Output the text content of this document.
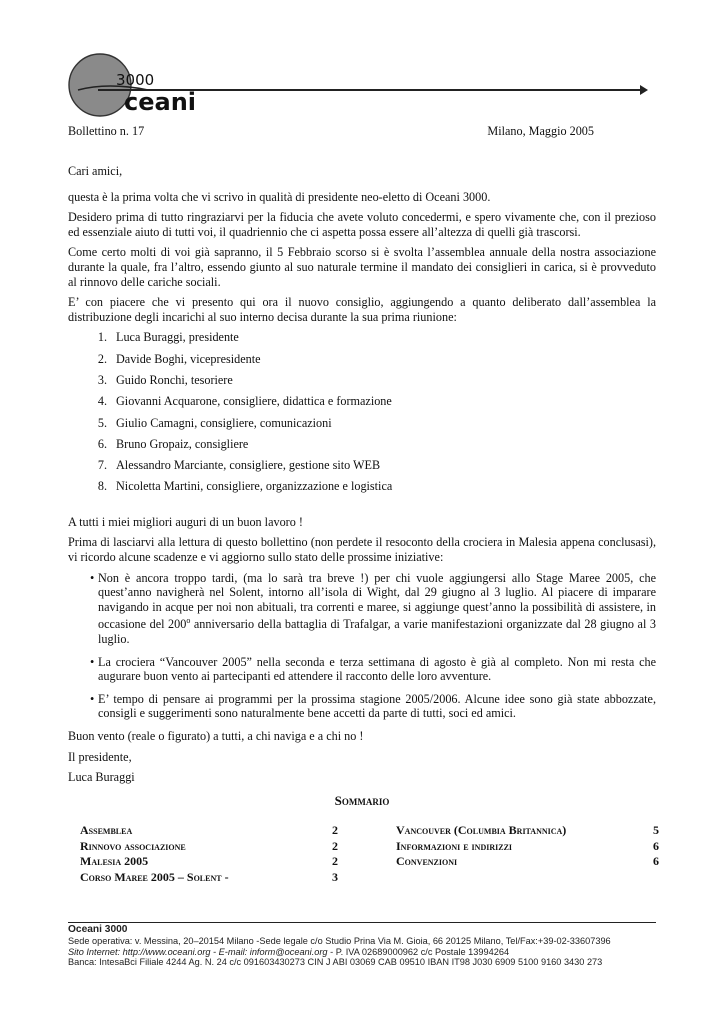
3000
ceani
Bollettino n. 17	Milano, Maggio 2005

Cari amici,

questa è la prima volta che vi scrivo in qualità di presidente neo-eletto di Oceani 3000.

Desidero prima di tutto ringraziarvi per la fiducia che avete voluto concedermi, e spero vivamente che, con il prezioso ed essenziale aiuto di tutti voi, il quadriennio che ci aspetta possa essere all’altezza di quelli già trascorsi.

Come certo molti di voi già sapranno, il 5 Febbraio scorso si è svolta l’assemblea annuale della nostra associazione durante la quale, fra l’altro, essendo giunto al suo naturale termine il mandato dei consiglieri in carica, si è provveduto al rinnovo delle cariche sociali.

E’ con piacere che vi presento qui ora il nuovo consiglio, aggiungendo a quanto deliberato dall’assemblea la distribuzione degli incarichi al suo interno decisa durante la sua prima riunione:

1. Luca Buraggi, presidente
2. Davide Boghi, vicepresidente
3. Guido Ronchi, tesoriere
4. Giovanni Acquarone, consigliere, didattica e formazione
5. Giulio Camagni, consigliere, comunicazioni
6. Bruno Gropaiz, consigliere
7. Alessandro Marciante, consigliere, gestione sito WEB
8. Nicoletta Martini, consigliere, organizzazione e logistica

A tutti i miei migliori auguri di un buon lavoro !

Prima di lasciarvi alla lettura di questo bollettino (non perdete il resoconto della crociera in Malesia appena conclusasi), vi ricordo alcune scadenze e vi aggiorno sullo stato delle prossime iniziative:

• Non è ancora troppo tardi, (ma lo sarà tra breve !) per chi vuole aggiungersi allo Stage Maree 2005, che quest’anno navigherà nel Solent, intorno all’isola di Wight, dal 29 giugno al 3 luglio. Al piacere di imparare navigando in acque per noi non abituali, tra correnti e maree, si aggiunge quest’anno la possibilità di assistere, in occasione del 200$^o$ anniversario della battaglia di Trafalgar, a varie manifestazioni organizzate dal 28 giugno al 3 luglio.
• La crociera “Vancouver 2005” nella seconda e terza settimana di agosto è già al completo. Non mi resta che augurare buon vento ai partecipanti ed attendere il racconto delle loro avventure.
• E’ tempo di pensare ai programmi per la prossima stagione 2005/2006. Alcune idee sono già state abbozzate, consigli e suggerimenti sono naturalmente bene accetti da parte di tutti, soci ed amici.

Buon vento (reale o figurato) a tutti, a chi naviga e a chi no !

Il presidente,

Luca Buraggi

Sommario
Assemblea
Rinnovo associazione
Malesia 2005
Corso Maree 2005 – Solent -
2
2
2
3
Vancouver (Columbia Britannica)
Informazioni e indirizzi
Convenzioni
5
6
6
Oceani 3000
Sede operativa: v. Messina, 20–20154 Milano -Sede legale c/o Studio Prina Via M. Gioia, 66 20125 Milano, Tel/Fax:+39-02-33607396
Sito Internet: http://www.oceani.org - E-mail: inform@oceani.org - P. IVA 02689000962 c/c Postale 13994264
Banca: IntesaBci Filiale 4244 Ag. N. 24 c/c 091603430273 CIN J ABI 03069 CAB 09510 IBAN IT98 J030 6909 5100 9160 3430 273
